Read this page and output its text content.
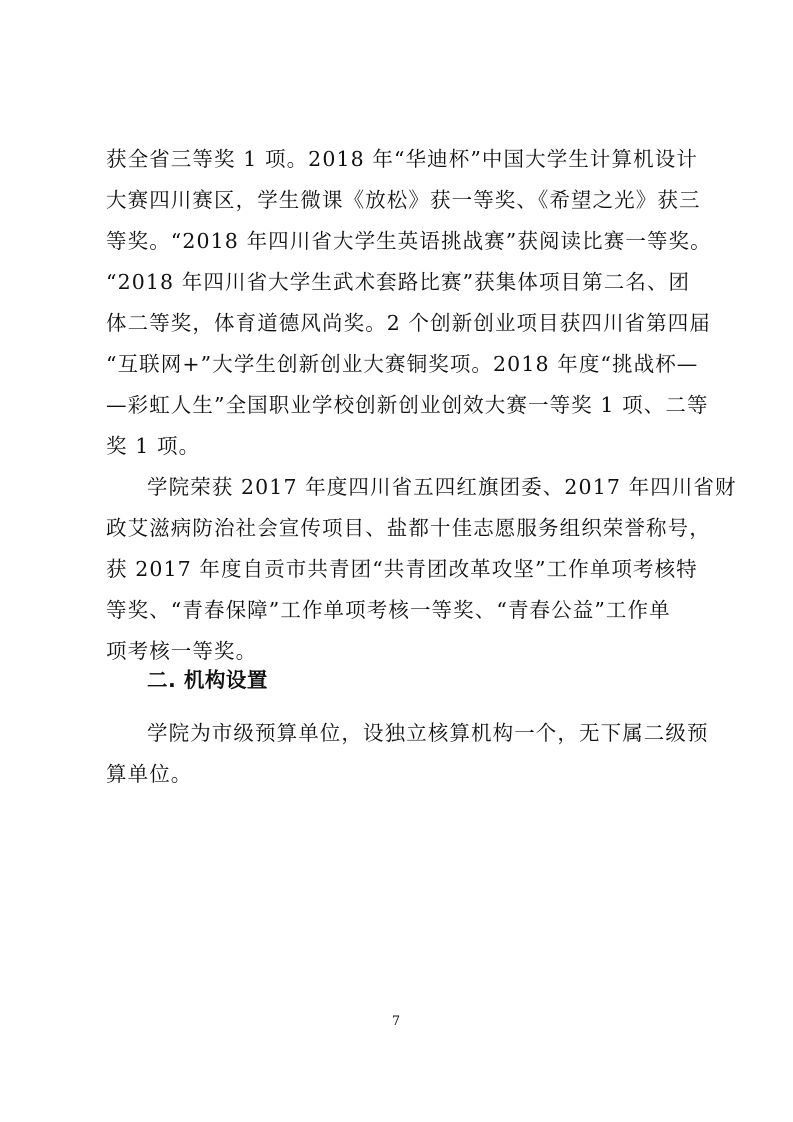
获全省三等奖 1 项。2018 年“华迪杯”中国大学生计算机设计
大赛四川赛区，学生微课《放松》获一等奖、《希望之光》获三
等奖。“2018 年四川省大学生英语挑战赛”获阅读比赛一等奖。
“2018 年四川省大学生武术套路比赛”获集体项目第二名、团
体二等奖，体育道德风尚奖。2 个创新创业项目获四川省第四届
“互联网+”大学生创新创业大赛铜奖项。2018 年度“挑战杯—
—彩虹人生”全国职业学校创新创业创效大赛一等奖 1 项、二等
奖 1 项。
学院荣获 2017 年度四川省五四红旗团委、2017 年四川省财
政艾滋病防治社会宣传项目、盐都十佳志愿服务组织荣誉称号，
获 2017 年度自贡市共青团“共青团改革攻坚”工作单项考核特
等奖、“青春保障”工作单项考核一等奖、“青春公益”工作单
项考核一等奖。
二. 机构设置
学院为市级预算单位，设独立核算机构一个，无下属二级预
算单位。
7
